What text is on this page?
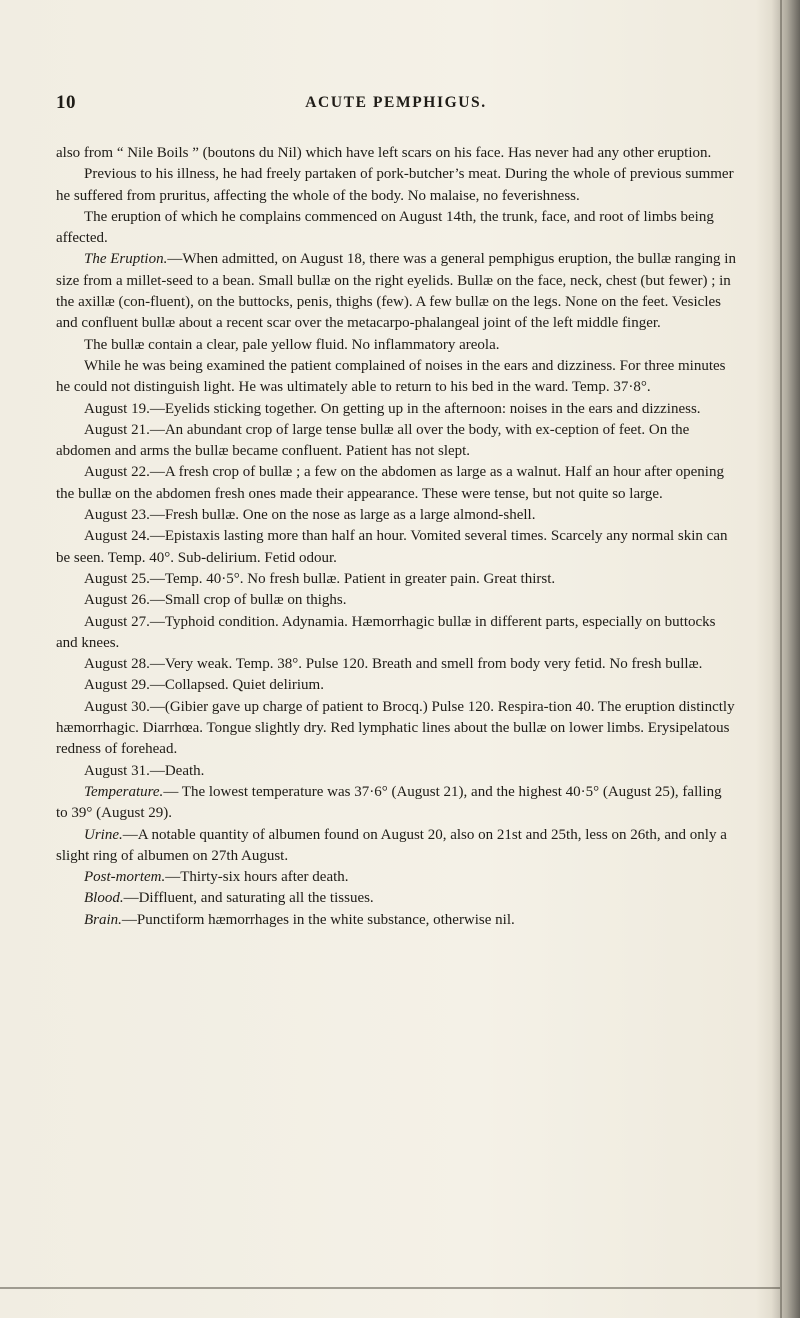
10	ACUTE PEMPHIGUS.

also from “ Nile Boils ” (boutons du Nil) which have left scars on his face. Has never had any other eruption.

Previous to his illness, he had freely partaken of pork-butcher’s meat. During the whole of previous summer he suffered from pruritus, affecting the whole of the body. No malaise, no feverishness.

The eruption of which he complains commenced on August 14th, the trunk, face, and root of limbs being affected.

The Eruption.—When admitted, on August 18, there was a general pemphigus eruption, the bullæ ranging in size from a millet-seed to a bean. Small bullæ on the right eyelids. Bullæ on the face, neck, chest (but fewer) ; in the axillæ (con-fluent), on the buttocks, penis, thighs (few). A few bullæ on the legs. None on the feet. Vesicles and confluent bullæ about a recent scar over the metacarpo-phalangeal joint of the left middle finger.

The bullæ contain a clear, pale yellow fluid. No inflammatory areola.

While he was being examined the patient complained of noises in the ears and dizziness. For three minutes he could not distinguish light. He was ultimately able to return to his bed in the ward. Temp. 37·8°.

August 19.—Eyelids sticking together. On getting up in the afternoon: noises in the ears and dizziness.

August 21.—An abundant crop of large tense bullæ all over the body, with ex-ception of feet. On the abdomen and arms the bullæ became confluent. Patient has not slept.

August 22.—A fresh crop of bullæ ; a few on the abdomen as large as a walnut. Half an hour after opening the bullæ on the abdomen fresh ones made their appearance. These were tense, but not quite so large.

August 23.—Fresh bullæ. One on the nose as large as a large almond-shell.

August 24.—Epistaxis lasting more than half an hour. Vomited several times. Scarcely any normal skin can be seen. Temp. 40°. Sub-delirium. Fetid odour.

August 25.—Temp. 40·5°. No fresh bullæ. Patient in greater pain. Great thirst.

August 26.—Small crop of bullæ on thighs.

August 27.—Typhoid condition. Adynamia. Hæmorrhagic bullæ in different parts, especially on buttocks and knees.

August 28.—Very weak. Temp. 38°. Pulse 120. Breath and smell from body very fetid. No fresh bullæ.

August 29.—Collapsed. Quiet delirium.

August 30.—(Gibier gave up charge of patient to Brocq.) Pulse 120. Respira-tion 40. The eruption distinctly hæmorrhagic. Diarrhœa. Tongue slightly dry. Red lymphatic lines about the bullæ on lower limbs. Erysipelatous redness of forehead.

August 31.—Death.

Temperature.— The lowest temperature was 37·6° (August 21), and the highest 40·5° (August 25), falling to 39° (August 29).

Urine.—A notable quantity of albumen found on August 20, also on 21st and 25th, less on 26th, and only a slight ring of albumen on 27th August.

Post-mortem.—Thirty-six hours after death.

Blood.—Diffluent, and saturating all the tissues.

Brain.—Punctiform hæmorrhages in the white substance, otherwise nil.
